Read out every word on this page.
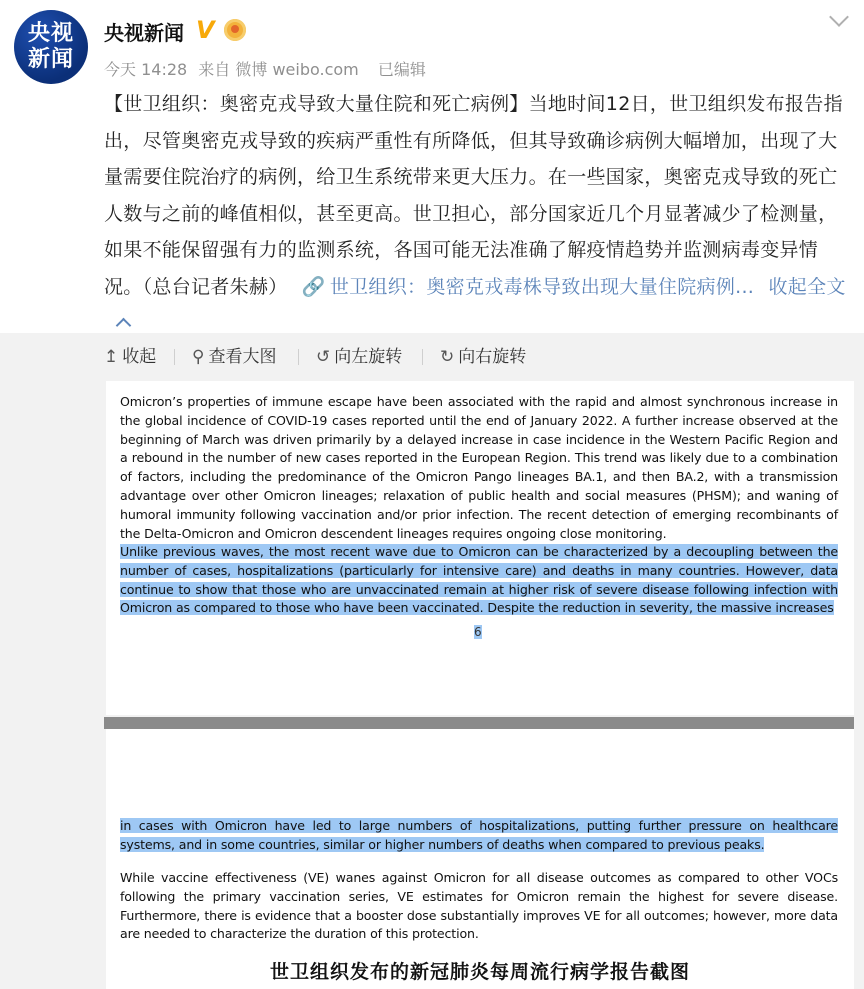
央视
新闻
央视新闻 V
今天 14:28 来自 微博 weibo.com 已编辑
【世卫组织：奥密克戎导致大量住院和死亡病例】当地时间12日，世卫组织发布报告指出，尽管奥密克戎导致的疾病严重性有所降低，但其导致确诊病例大幅增加，出现了大量需要住院治疗的病例，给卫生系统带来更大压力。在一些国家，奥密克戎导致的死亡人数与之前的峰值相似，甚至更高。世卫担心，部分国家近几个月显著减少了检测量，如果不能保留强有力的监测系统，各国可能无法准确了解疫情趋势并监测病毒变异情况。（总台记者朱赫） 🔗 世卫组织：奥密克戎毒株导致出现大量住院病例... 收起全文
↥ 收起 ⚲ 查看大图 ↺ 向左旋转 ↻ 向右旋转
Omicron’s properties of immune escape have been associated with the rapid and almost synchronous increase in the global incidence of COVID-19 cases reported until the end of January 2022. A further increase observed at the beginning of March was driven primarily by a delayed increase in case incidence in the Western Pacific Region and a rebound in the number of new cases reported in the European Region. This trend was likely due to a combination of factors, including the predominance of the Omicron Pango lineages BA.1, and then BA.2, with a transmission advantage over other Omicron lineages; relaxation of public health and social measures (PHSM); and waning of humoral immunity following vaccination and/or prior infection. The recent detection of emerging recombinants of the Delta-Omicron and Omicron descendent lineages requires ongoing close monitoring.
Unlike previous waves, the most recent wave due to Omicron can be characterized by a decoupling between the number of cases, hospitalizations (particularly for intensive care) and deaths in many countries. However, data continue to show that those who are unvaccinated remain at higher risk of severe disease following infection with Omicron as compared to those who have been vaccinated. Despite the reduction in severity, the massive increases
6
in cases with Omicron have led to large numbers of hospitalizations, putting further pressure on healthcare systems, and in some countries, similar or higher numbers of deaths when compared to previous peaks.
While vaccine effectiveness (VE) wanes against Omicron for all disease outcomes as compared to other VOCs following the primary vaccination series, VE estimates for Omicron remain the highest for severe disease. Furthermore, there is evidence that a booster dose substantially improves VE for all outcomes; however, more data are needed to characterize the duration of this protection.
世卫组织发布的新冠肺炎每周流行病学报告截图
